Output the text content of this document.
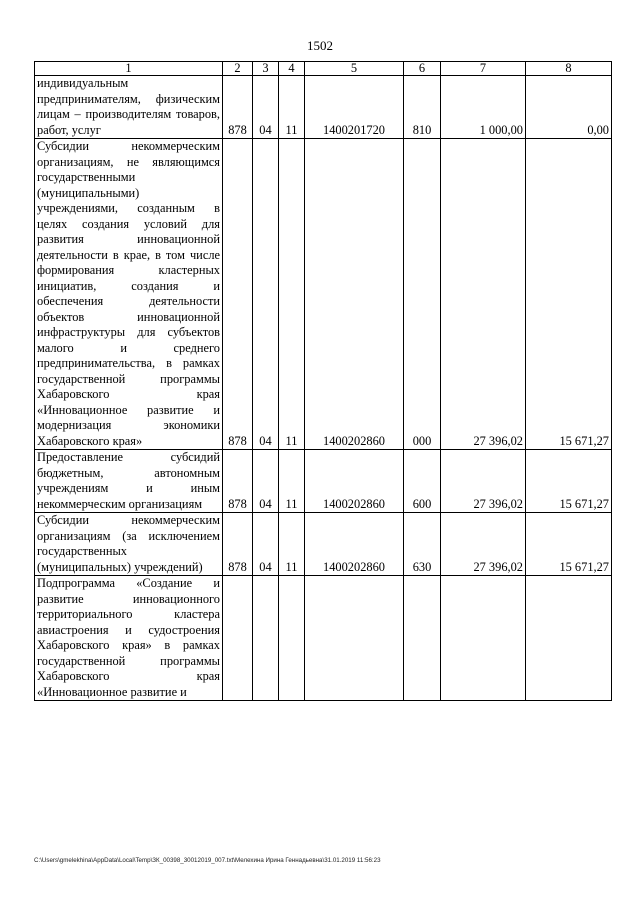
1502
1	2	3	4	5	6	7	8
индивидуальным предпринимателям, физическим лицам – производителям товаров, работ, услуг	878	04	11	1400201720	810	1 000,00	0,00
Субсидии некоммерческим организациям, не являющимся государственными (муниципальными) учреждениями, созданным в целях создания условий для развития инновационной деятельности в крае, в том числе формирования кластерных инициатив, создания и обеспечения деятельности объектов инновационной инфраструктуры для субъектов малого и среднего предпринимательства, в рамках государственной программы Хабаровского края «Инновационное развитие и модернизация экономики Хабаровского края»	878	04	11	1400202860	000	27 396,02	15 671,27
Предоставление субсидий бюджетным, автономным учреждениям и иным некоммерческим организациям	878	04	11	1400202860	600	27 396,02	15 671,27
Субсидии некоммерческим организациям (за исключением государственных (муниципальных) учреждений)	878	04	11	1400202860	630	27 396,02	15 671,27
Подпрограмма «Создание и развитие инновационного территориального кластера авиастроения и судостроения Хабаровского края» в рамках государственной программы Хабаровского края «Инновационное развитие и							
C:\Users\gmelekhina\AppData\Local\Temp\ЗК_00398_30012019_007.txt\Мелехина Ирина Геннадьевна\31.01.2019 11:56:23
